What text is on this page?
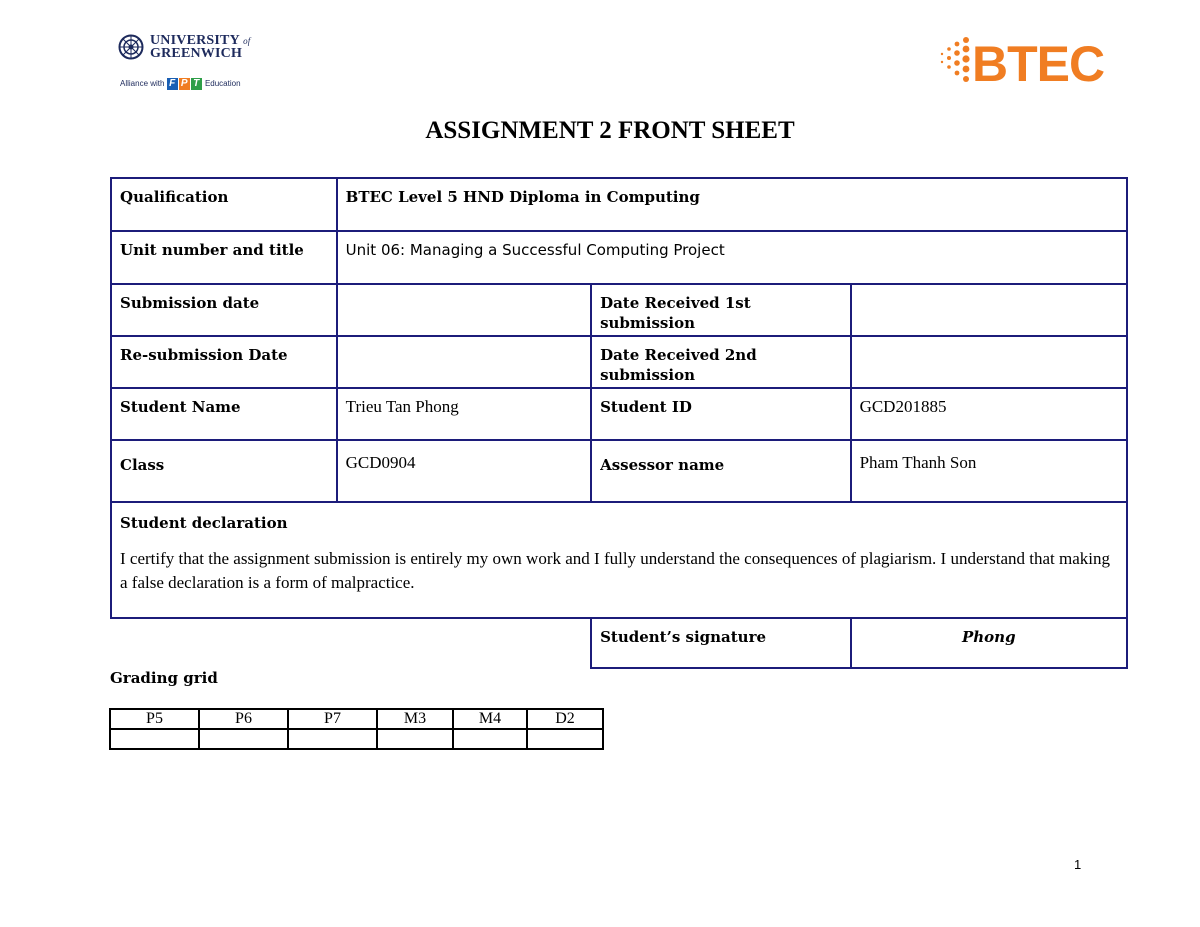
UNIVERSITY of
GREENWICH
Alliance with F P T Education	BTEC
ASSIGNMENT 2 FRONT SHEET
Qualification	BTEC Level 5 HND Diploma in Computing		
Unit number and title	Unit 06: Managing a Successful Computing Project		
Submission date		Date Received 1st submission	
Re-submission Date		Date Received 2nd submission	
Student Name	Trieu Tan Phong	Student ID	GCD201885
Class	GCD0904	Assessor name	Pham Thanh Son

Student declaration
I certify that the assignment submission is entirely my own work and I fully understand the consequences of plagiarism. I understand that making a false declaration is a form of malpractice.			

		Student’s signature	Phong
Grading grid
P5	P6	P7	M3	M4	D2

1
